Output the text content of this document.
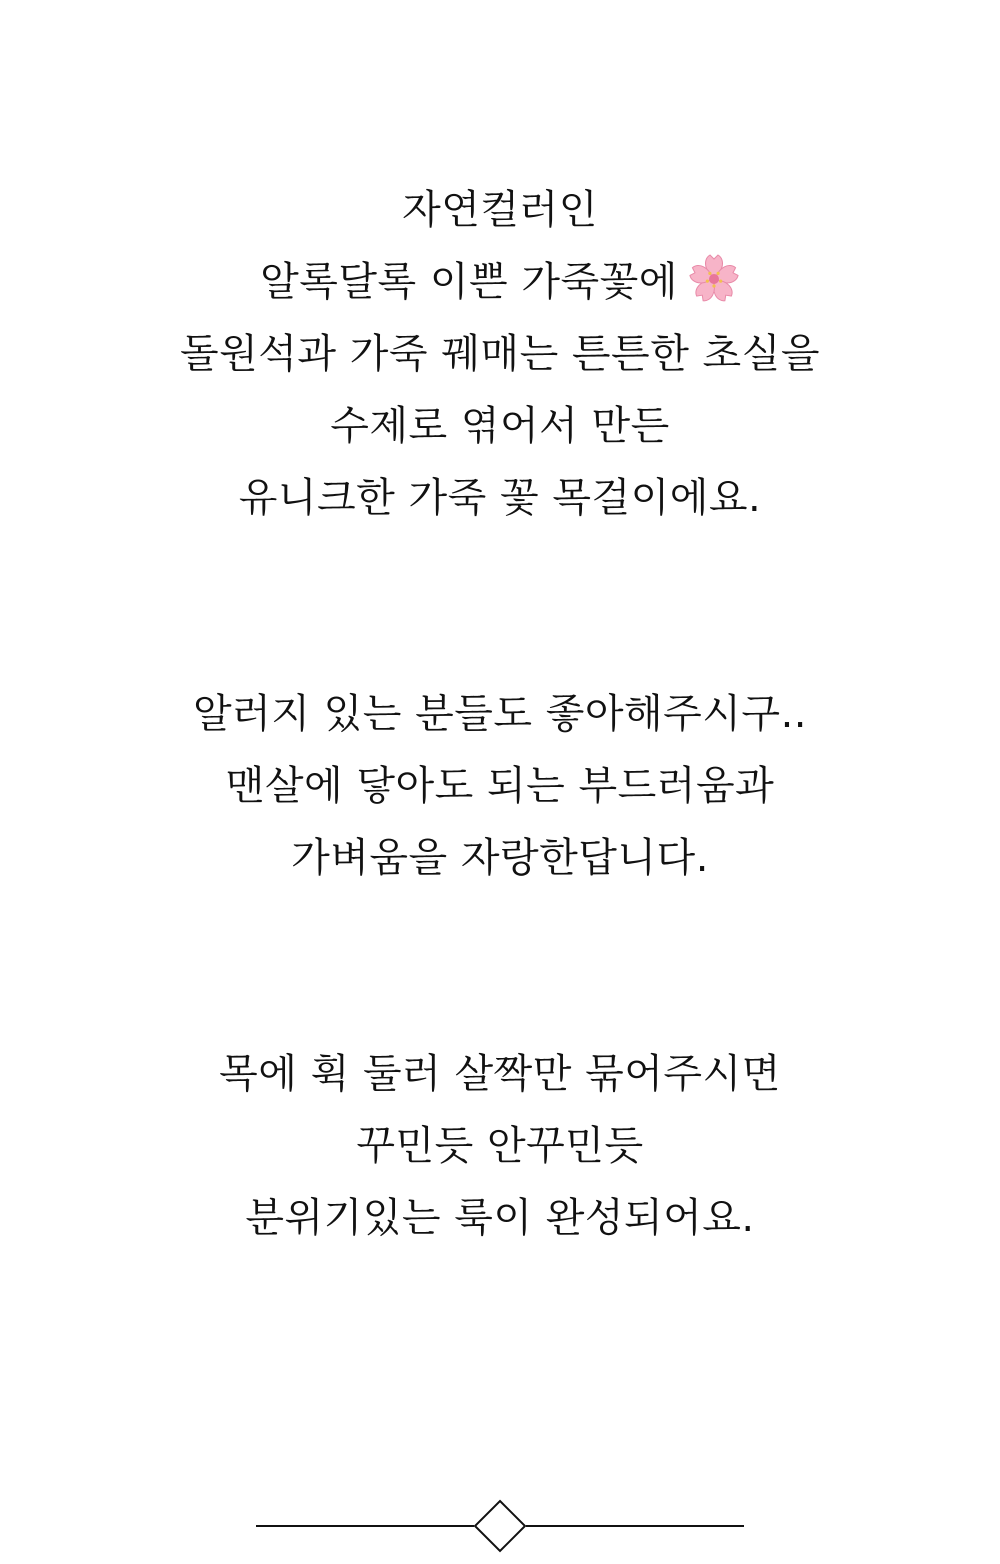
자연컬러인
알록달록 이쁜 가죽꽃에
돌원석과 가죽 꿰매는 튼튼한 초실을
수제로 엮어서 만든
유니크한 가죽 꽃 목걸이에요.
알러지 있는 분들도 좋아해주시구..
맨살에 닿아도 되는 부드러움과
가벼움을 자랑한답니다.
목에 휙 둘러 살짝만 묶어주시면
꾸민듯 안꾸민듯
분위기있는 룩이 완성되어요.
